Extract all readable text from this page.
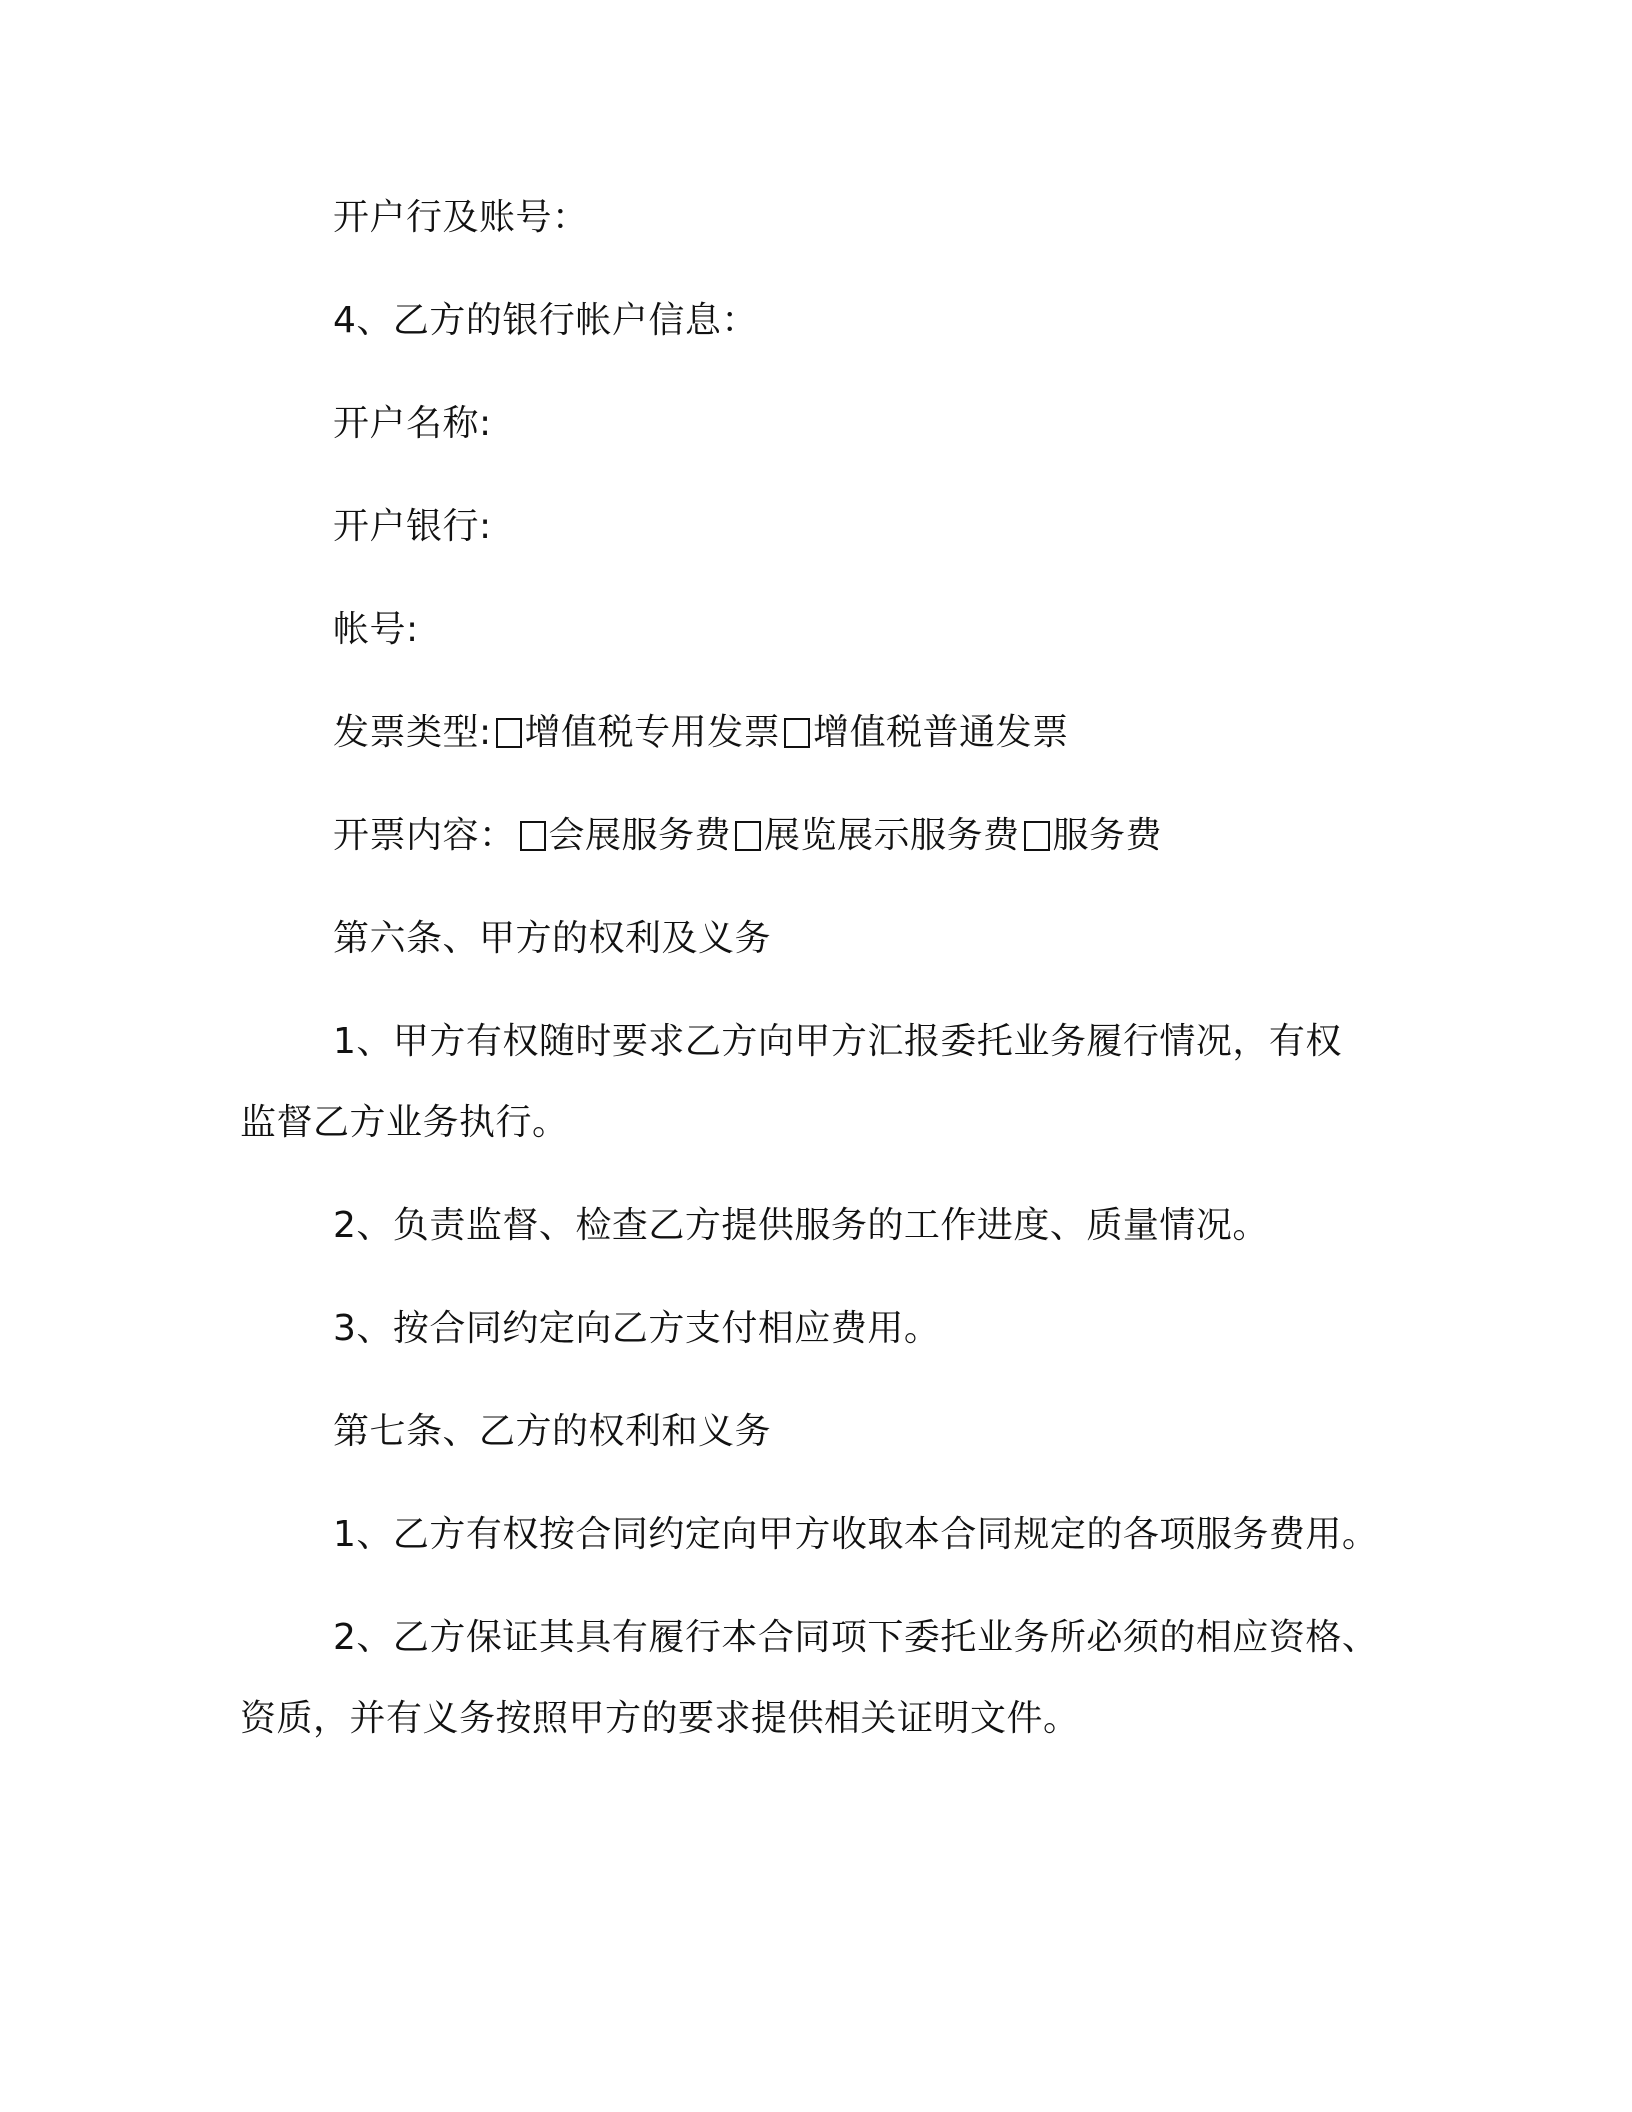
开户行及账号：
4、乙方的银行帐户信息：
开户名称:
开户银行:
帐号:
发票类型: 增值税专用发票 增值税普通发票
开票内容： 会展服务费 展览展示服务费 服务费
第六条、甲方的权利及义务
1、甲方有权随时要求乙方向甲方汇报委托业务履行情况，有权
监督乙方业务执行。
2、负责监督、检查乙方提供服务的工作进度、质量情况。
3、按合同约定向乙方支付相应费用。
第七条、乙方的权利和义务
1、乙方有权按合同约定向甲方收取本合同规定的各项服务费用。
2、乙方保证其具有履行本合同项下委托业务所必须的相应资格、
资质，并有义务按照甲方的要求提供相关证明文件。
